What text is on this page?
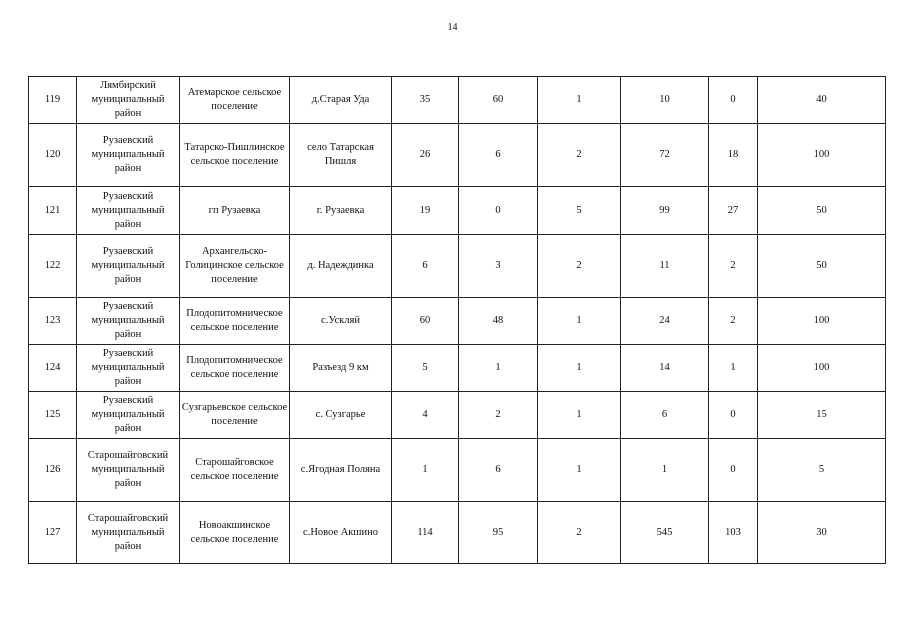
14
119	Лямбирский муниципальный район	Атемарское сельское поселение	д.Старая Уда	35	60	1	10	0	40
120	Рузаевский муниципальный район	Татарско-Пишлинское сельское поселение	село Татарская Пишля	26	6	2	72	18	100
121	Рузаевский муниципальный район	гп Рузаевка	г. Рузаевка	19	0	5	99	27	50
122	Рузаевский муниципальный район	Архангельско-Голицинское сельское поселение	д. Надеждинка	6	3	2	11	2	50
123	Рузаевский муниципальный район	Плодопитомническое сельское поселение	с.Ускляй	60	48	1	24	2	100
124	Рузаевский муниципальный район	Плодопитомническое сельское поселение	Разъезд 9 км	5	1	1	14	1	100
125	Рузаевский муниципальный район	Сузгарьевское сельское поселение	с. Сузгарье	4	2	1	6	0	15
126	Старошайговский муниципальный район	Старошайговское сельское поселение	с.Ягодная Поляна	1	6	1	1	0	5
127	Старошайговский муниципальный район	Новоакшинское сельское поселение	с.Новое Акшино	114	95	2	545	103	30
